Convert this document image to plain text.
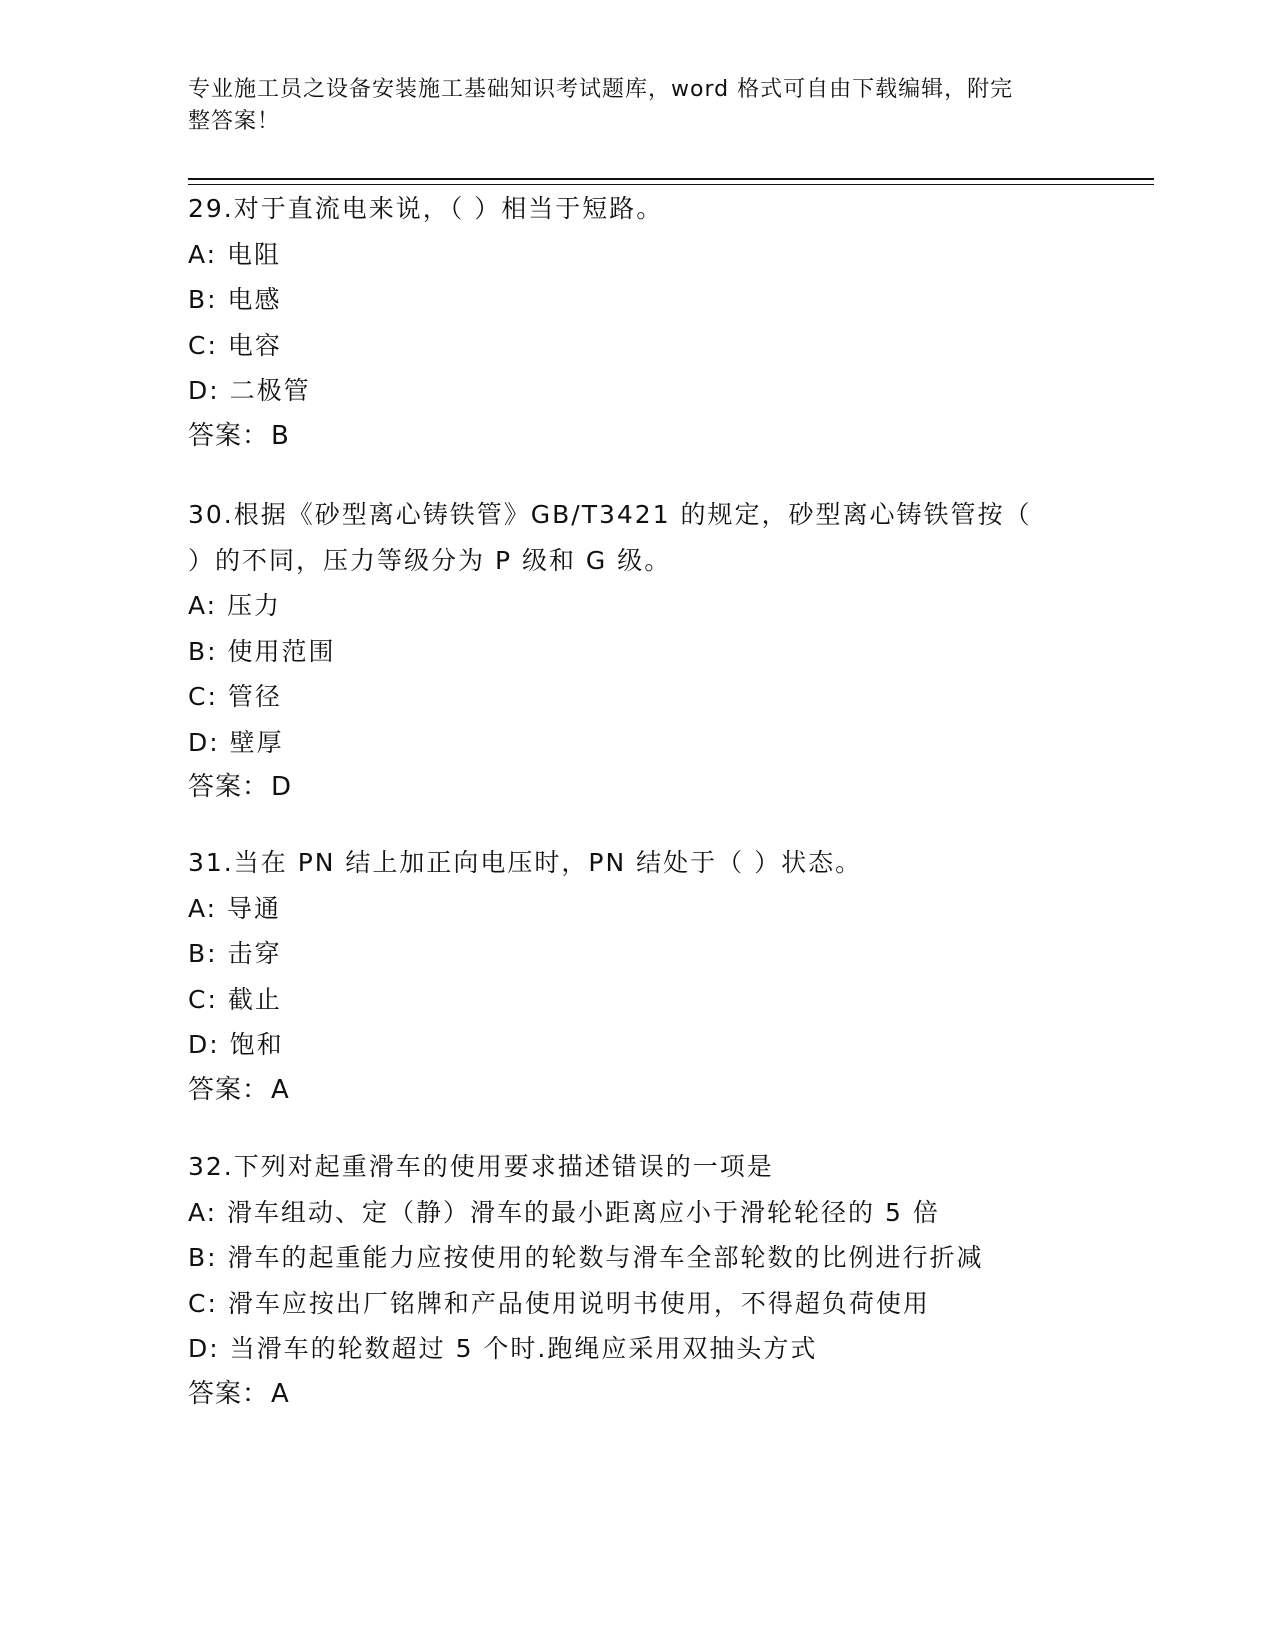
专业施工员之设备安装施工基础知识考试题库，word 格式可自由下载编辑，附完
整答案！
29.对于直流电来说，（ ）相当于短路。
A: 电阻
B: 电感
C: 电容
D: 二极管
答案：B
30.根据《砂型离心铸铁管》GB/T3421 的规定，砂型离心铸铁管按（
）的不同，压力等级分为 P 级和 G 级。
A: 压力
B: 使用范围
C: 管径
D: 壁厚
答案：D
31.当在 PN 结上加正向电压时，PN 结处于（ ）状态。
A: 导通
B: 击穿
C: 截止
D: 饱和
答案：A
32.下列对起重滑车的使用要求描述错误的一项是
A: 滑车组动、定（静）滑车的最小距离应小于滑轮轮径的 5 倍
B: 滑车的起重能力应按使用的轮数与滑车全部轮数的比例进行折减
C: 滑车应按出厂铭牌和产品使用说明书使用，不得超负荷使用
D: 当滑车的轮数超过 5 个时.跑绳应采用双抽头方式
答案：A
